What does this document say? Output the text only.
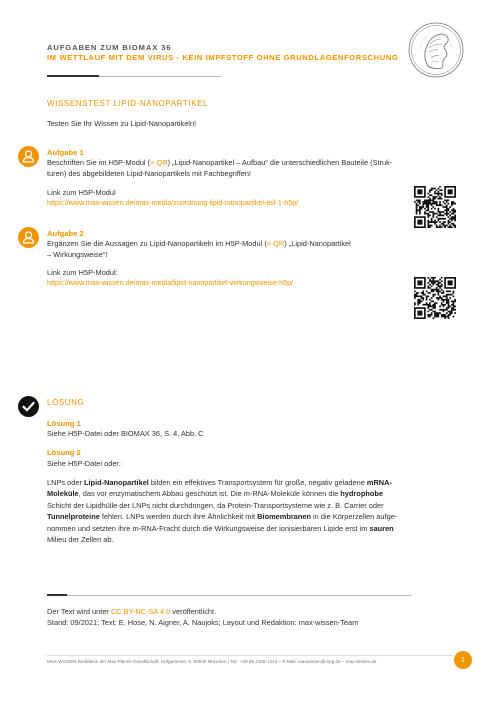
AUFGABEN ZUM BIOMAX 36
IM WETTLAUF MIT DEM VIRUS - KEIN IMPFSTOFF OHNE GRUNDLAGENFORSCHUNG
WISSENSTEST LIPID-NANOPARTIKEL
Testen Sie Ihr Wissen zu Lipid-Nanopartikeln!
Aufgabe 1
Beschriften Sie im H5P-Modul (> QR) „Lipid-Nanopartikel – Aufbau“ die unterschiedlichen Bauteile (Struk-
turen) des abgebildeten Lipid-Nanopartikels mit Fachbegriffen!
Link zum H5P-Modul
https://www.max-wissen.de/max-media/zuordnung-lipid-nanopartikel-teil-1-h5p/
Aufgabe 2
Ergänzen Sie die Aussagen zu Lipid-Nanopartikeln im H5P-Modul (> QR) „Lipid-Nanopartikel
– Wirkungsweise“!
Link zum H5P-Modul:
https://www.max-wissen.de/max-media/lipid-nanopartikel-wirkungsweise-h5p/
LÖSUNG
Lösung 1
Siehe H5P-Datei oder BIOMAX 36, S. 4, Abb. C
Lösung 2
Siehe H5P-Datei oder:
LNPs oder Lipid-Nanopartikel bilden ein effektives Transportsystem für große, negativ geladene mRNA-
Moleküle, das vor enzymatischem Abbau geschützt ist. Die m-RNA-Moleküle können die hydrophobe
Schicht der Lipidhülle der LNPs nicht durchdringen, da Protein-Transportsysteme wie z. B. Carrier oder
Tunnelproteine fehlen. LNPs werden durch ihre Ähnlichkeit mit Biomembranen in die Körperzellen aufge-
nommen und setzten ihre m-RNA-Fracht durch die Wirkungsweise der ionisierbaren Lipide erst im sauren
Milieu der Zellen ab.
Der Text wird unter CC BY-NC-SA 4.0 veröffentlicht.
Stand: 09/2021; Text: E. Hose, N. Aigner, A. Naujoks; Layout und Redaktion: max-wissen-Team
MAX WISSEN Redaktion der Max-Planck-Gesellschaft, Hofgartenstr. 8, 80539 München | Tel.: +49 89 2108-1242 – E-Mail: maxwissen@mpg.de – max-wissen.de	1
